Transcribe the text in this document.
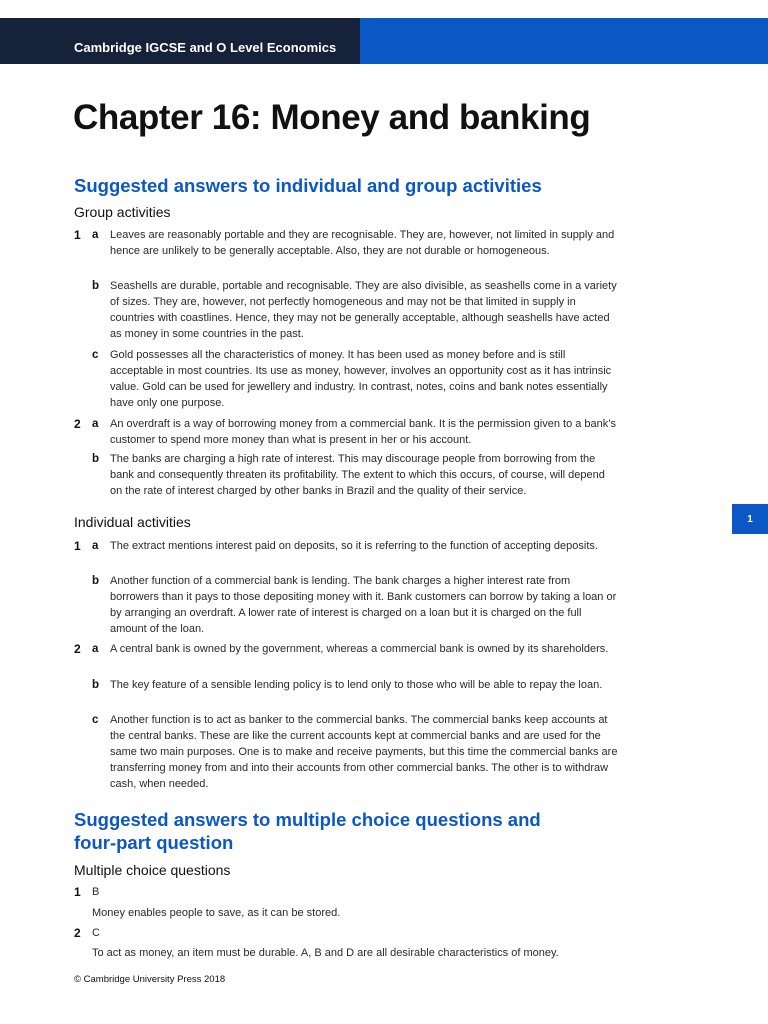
Cambridge IGCSE and O Level Economics
Chapter 16: Money and banking
Suggested answers to individual and group activities
Group activities
1 a Leaves are reasonably portable and they are recognisable. They are, however, not limited in supply and hence are unlikely to be generally acceptable. Also, they are not durable or homogeneous.
b Seashells are durable, portable and recognisable. They are also divisible, as seashells come in a variety of sizes. They are, however, not perfectly homogeneous and may not be that limited in supply in countries with coastlines. Hence, they may not be generally acceptable, although seashells have acted as money in some countries in the past.
c Gold possesses all the characteristics of money. It has been used as money before and is still acceptable in most countries. Its use as money, however, involves an opportunity cost as it has intrinsic value. Gold can be used for jewellery and industry. In contrast, notes, coins and bank notes essentially have only one purpose.
2 a An overdraft is a way of borrowing money from a commercial bank. It is the permission given to a bank’s customer to spend more money than what is present in her or his account.
b The banks are charging a high rate of interest. This may discourage people from borrowing from the bank and consequently threaten its profitability. The extent to which this occurs, of course, will depend on the rate of interest charged by other banks in Brazil and the quality of their service.
Individual activities
1 a The extract mentions interest paid on deposits, so it is referring to the function of accepting deposits.
b Another function of a commercial bank is lending. The bank charges a higher interest rate from borrowers than it pays to those depositing money with it. Bank customers can borrow by taking a loan or by arranging an overdraft. A lower rate of interest is charged on a loan but it is charged on the full amount of the loan.
2 a A central bank is owned by the government, whereas a commercial bank is owned by its shareholders.
b The key feature of a sensible lending policy is to lend only to those who will be able to repay the loan.
c Another function is to act as banker to the commercial banks. The commercial banks keep accounts at the central banks. These are like the current accounts kept at commercial banks and are used for the same two main purposes. One is to make and receive payments, but this time the commercial banks are transferring money from and into their accounts from other commercial banks. The other is to withdraw cash, when needed.
Suggested answers to multiple choice questions and
four-part question
Multiple choice questions
1 B
Money enables people to save, as it can be stored.
2 C
To act as money, an item must be durable. A, B and D are all desirable characteristics of money.
1
© Cambridge University Press 2018
